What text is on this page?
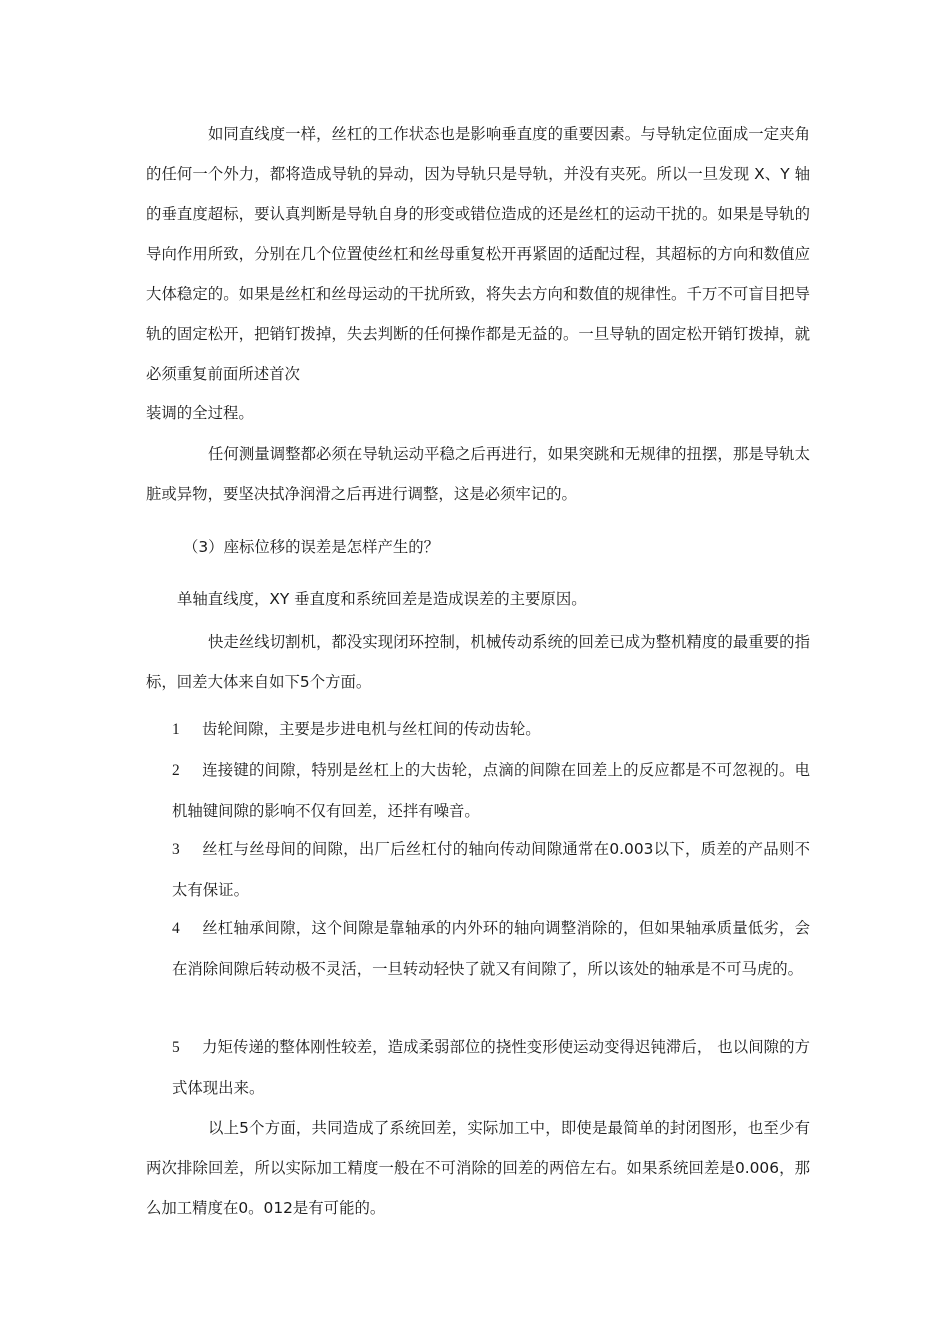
如同直线度一样，丝杠的工作状态也是影响垂直度的重要因素。与导轨定位面成一定夹角的任何一个外力，都将造成导轨的异动，因为导轨只是导轨，并没有夹死。所以一旦发现 X、Y 轴的垂直度超标，要认真判断是导轨自身的形变或错位造成的还是丝杠的运动干扰的。如果是导轨的导向作用所致，分别在几个位置使丝杠和丝母重复松开再紧固的适配过程，其超标的方向和数值应大体稳定的。如果是丝杠和丝母运动的干扰所致，将失去方向和数值的规律性。千万不可盲目把导轨的固定松开，把销钉拨掉，失去判断的任何操作都是无益的。一旦导轨的固定松开销钉拨掉，就必须重复前面所述首次

装调的全过程。

任何测量调整都必须在导轨运动平稳之后再进行，如果突跳和无规律的扭摆，那是导轨太脏或异物，要坚决拭净润滑之后再进行调整，这是必须牢记的。

（3）座标位移的误差是怎样产生的？

单轴直线度，XY 垂直度和系统回差是造成误差的主要原因。

快走丝线切割机，都没实现闭环控制，机械传动系统的回差已成为整机精度的最重要的指标，回差大体来自如下5个方面。

1 齿轮间隙，主要是步进电机与丝杠间的传动齿轮。

2 连接键的间隙，特别是丝杠上的大齿轮，点滴的间隙在回差上的反应都是不可忽视的。电机轴键间隙的影响不仅有回差，还拌有噪音。
3 丝杠与丝母间的间隙，出厂后丝杠付的轴向传动间隙通常在0.003以下，质差的产品则不太有保证。
4 丝杠轴承间隙，这个间隙是靠轴承的内外环的轴向调整消除的，但如果轴承质量低劣，会在消除间隙后转动极不灵活，一旦转动轻快了就又有间隙了，所以该处的轴承是不可马虎的。
5 力矩传递的整体刚性较差，造成柔弱部位的挠性变形使运动变得迟钝滞后， 也以间隙的方式体现出来。

以上5个方面，共同造成了系统回差，实际加工中，即使是最简单的封闭图形，也至少有两次排除回差，所以实际加工精度一般在不可消除的回差的两倍左右。如果系统回差是0.006，那么加工精度在0。012是有可能的。
